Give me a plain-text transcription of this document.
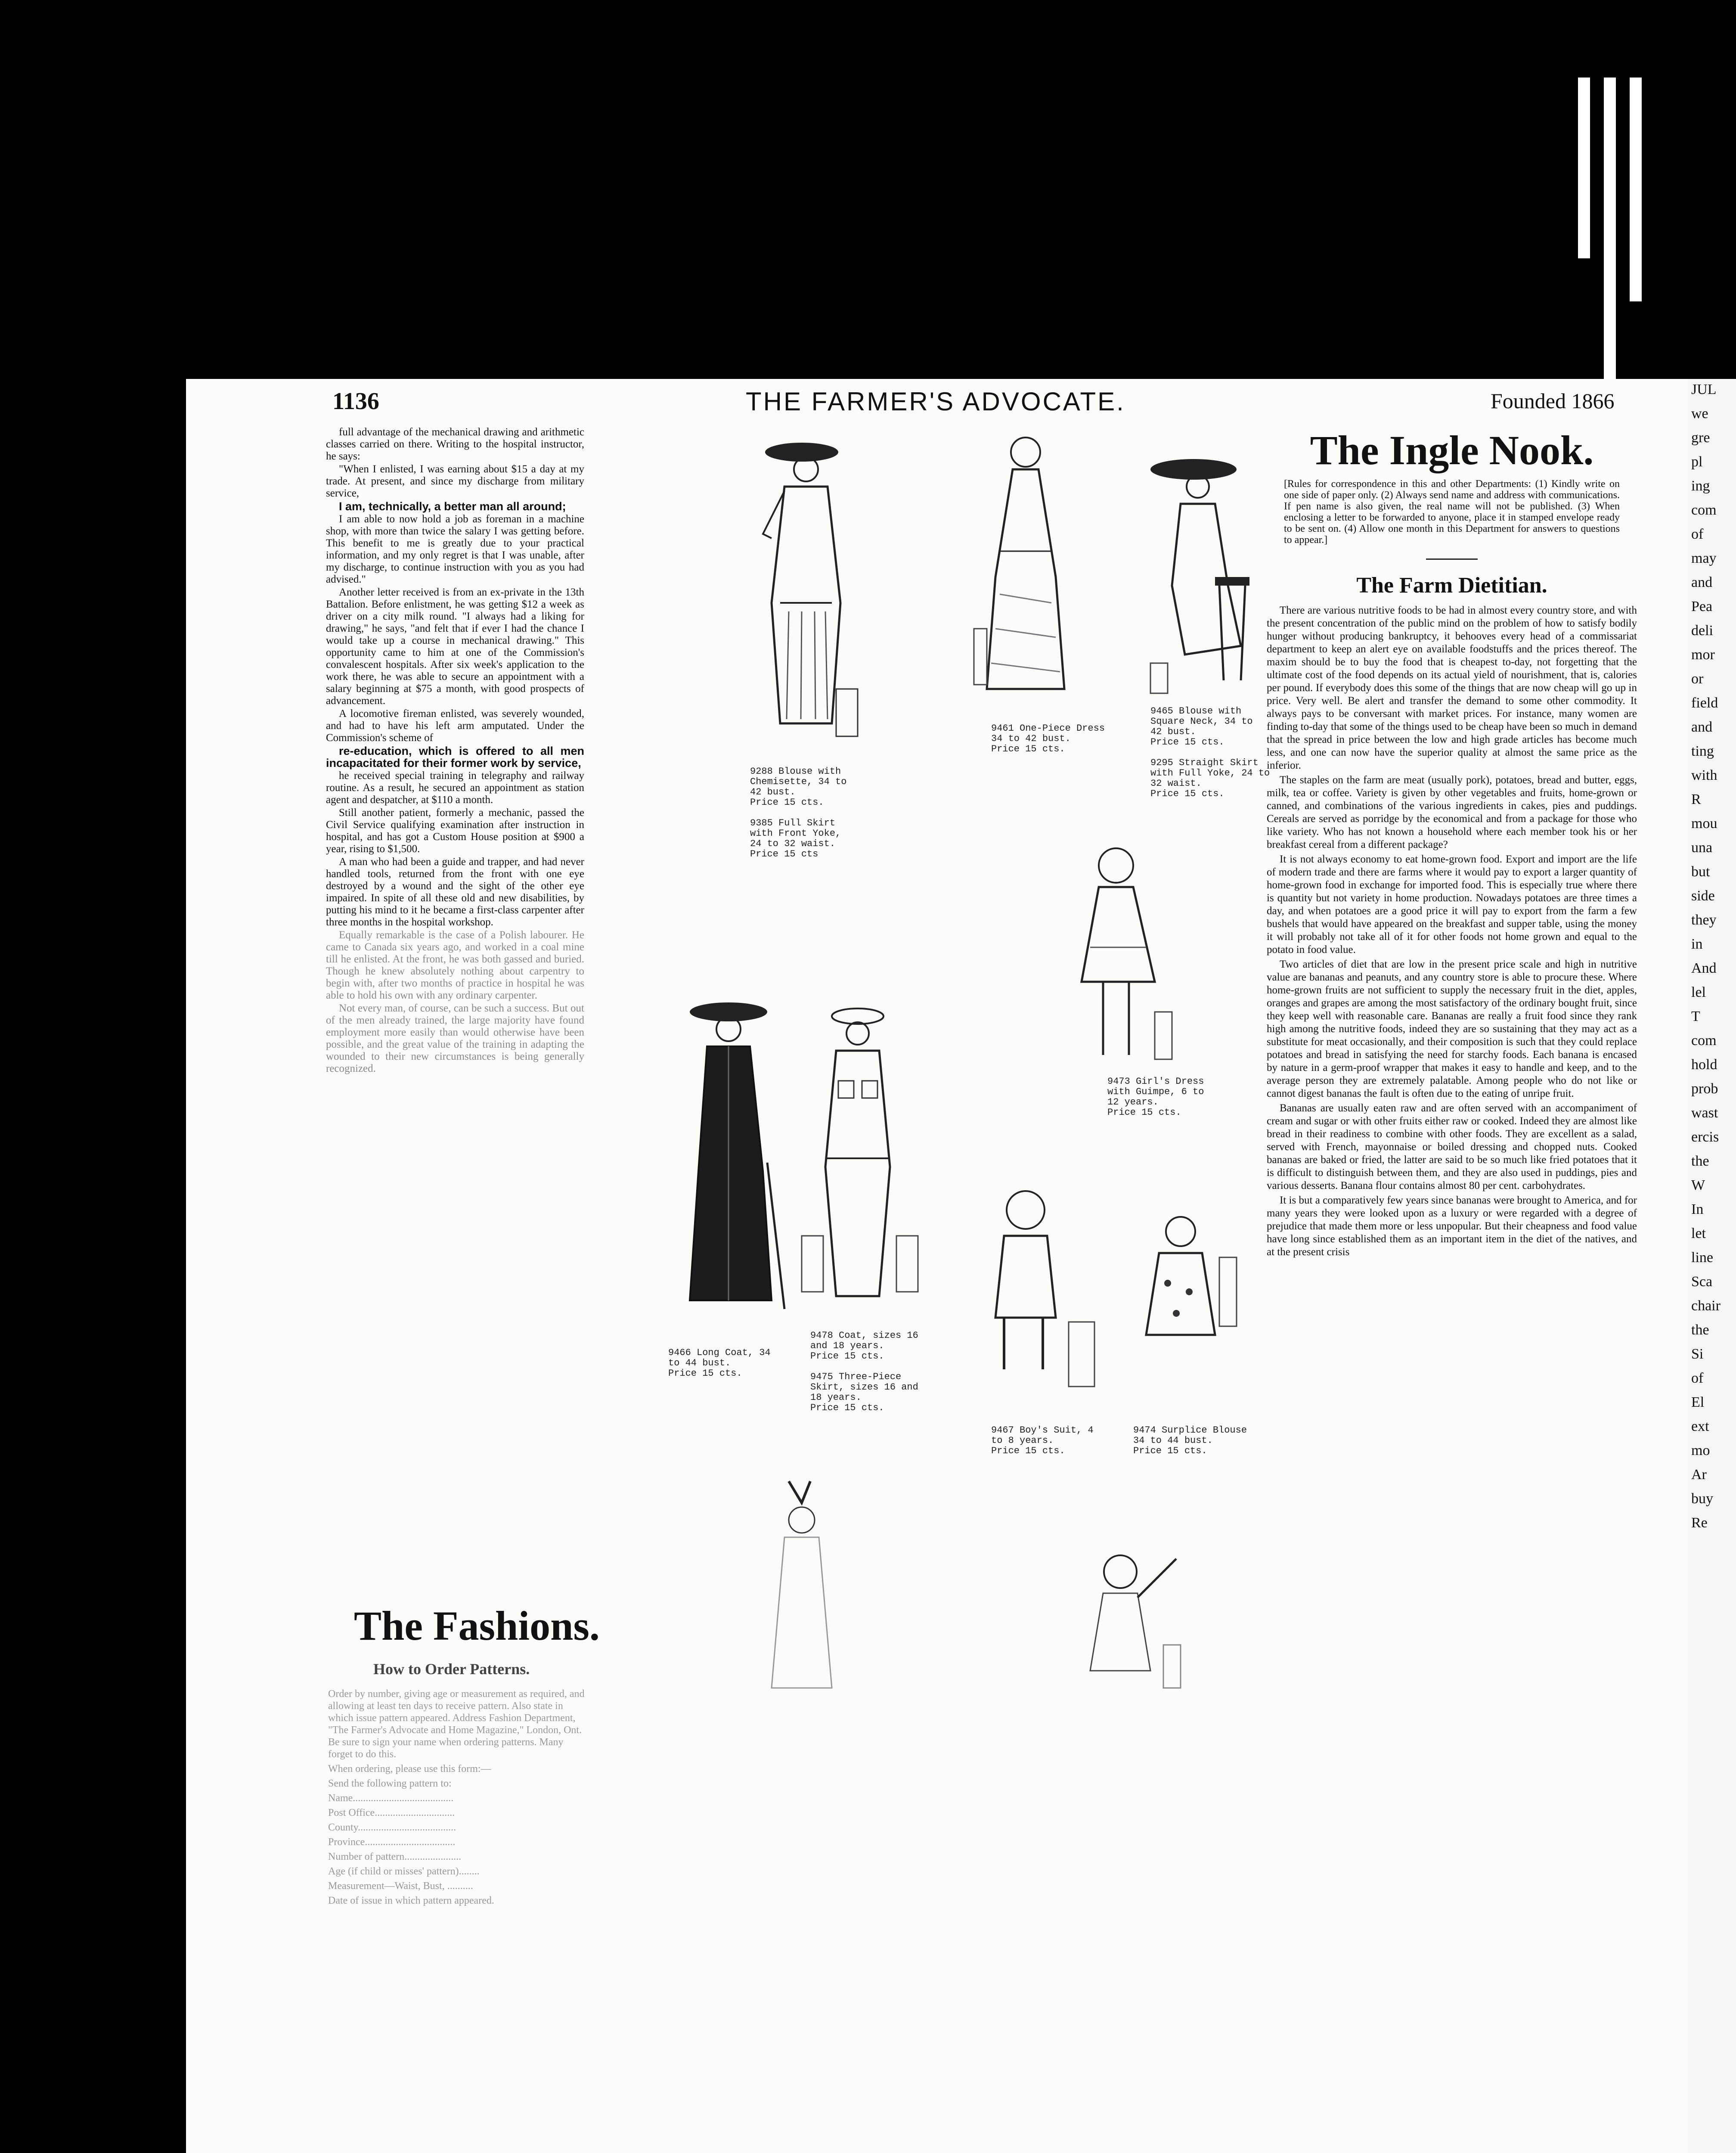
1136	THE FARMER'S ADVOCATE.	Founded 1866

full advantage of the mechanical drawing and arithmetic classes carried on there. Writing to the hospital instructor, he says:

"When I enlisted, I was earning about $15 a day at my trade. At present, and since my discharge from military service,

I am, technically, a better man all around;

I am able to now hold a job as foreman in a machine shop, with more than twice the salary I was getting before. This benefit to me is greatly due to your practical information, and my only regret is that I was unable, after my discharge, to continue instruction with you as you had advised."

Another letter received is from an ex-private in the 13th Battalion. Before enlistment, he was getting $12 a week as driver on a city milk round. "I always had a liking for drawing," he says, "and felt that if ever I had the chance I would take up a course in mechanical drawing." This opportunity came to him at one of the Commission's convalescent hospitals. After six week's application to the work there, he was able to secure an appointment with a salary beginning at $75 a month, with good prospects of advancement.

A locomotive fireman enlisted, was severely wounded, and had to have his left arm amputated. Under the Commission's scheme of

re-education, which is offered to all men incapacitated for their former work by service,

he received special training in telegraphy and railway routine. As a result, he secured an appointment as station agent and despatcher, at $110 a month.

Still another patient, formerly a mechanic, passed the Civil Service qualifying examination after instruction in hospital, and has got a Custom House position at $900 a year, rising to $1,500.

A man who had been a guide and trapper, and had never handled tools, returned from the front with one eye destroyed by a wound and the sight of the other eye impaired. In spite of all these old and new disabilities, by putting his mind to it he became a first-class carpenter after three months in the hospital workshop.

Equally remarkable is the case of a Polish labourer. He came to Canada six years ago, and worked in a coal mine till he enlisted. At the front, he was both gassed and buried. Though he knew absolutely nothing about carpentry to begin with, after two months of practice in hospital he was able to hold his own with any ordinary carpenter.

Not every man, of course, can be such a success. But out of the men already trained, the large majority have found employment more easily than would otherwise have been possible, and the great value of the training in adapting the wounded to their new circumstances is being generally recognized.

The Fashions.
How to Order Patterns.

Order by number, giving age or measurement as required, and allowing at least ten days to receive pattern. Also state in which issue pattern appeared. Address Fashion Department, "The Farmer's Advocate and Home Magazine," London, Ont. Be sure to sign your name when ordering patterns. Many forget to do this.

When ordering, please use this form:—

Send the following pattern to:

Name.......................................

Post Office...............................

County......................................

Province...................................

Number of pattern......................

Age (if child or misses' pattern)........

Measurement—Waist, Bust, ..........

Date of issue in which pattern appeared.

9288 Blouse with
Chemisette, 34 to
42 bust.
Price 15 cts.

9385 Full Skirt
with Front Yoke,
24 to 32 waist.
Price 15 cts
9461 One-Piece Dress
34 to 42 bust.
Price 15 cts.
9465 Blouse with
Square Neck, 34 to
42 bust.
Price 15 cts.

9295 Straight Skirt
with Full Yoke, 24 to
32 waist.
Price 15 cts.
9473 Girl's Dress
with Guimpe, 6 to
12 years.
Price 15 cts.
9466 Long Coat, 34
to 44 bust.
Price 15 cts.
9478 Coat, sizes 16
and 18 years.
Price 15 cts.

9475 Three-Piece
Skirt, sizes 16 and
18 years.
Price 15 cts.
9467 Boy's Suit, 4
to 8 years.
Price 15 cts.
9474 Surplice Blouse
34 to 44 bust.
Price 15 cts.
The Ingle Nook.
[Rules for correspondence in this and other Departments: (1) Kindly write on one side of paper only. (2) Always send name and address with communications. If pen name is also given, the real name will not be published. (3) When enclosing a letter to be forwarded to anyone, place it in stamped envelope ready to be sent on. (4) Allow one month in this Department for answers to questions to appear.]
The Farm Dietitian.

There are various nutritive foods to be had in almost every country store, and with the present concentration of the public mind on the problem of how to satisfy bodily hunger without producing bankruptcy, it behooves every head of a commissariat department to keep an alert eye on available foodstuffs and the prices thereof. The maxim should be to buy the food that is cheapest to-day, not forgetting that the ultimate cost of the food depends on its actual yield of nourishment, that is, calories per pound. If everybody does this some of the things that are now cheap will go up in price. Very well. Be alert and transfer the demand to some other commodity. It always pays to be conversant with market prices. For instance, many women are finding to-day that some of the things used to be cheap have been so much in demand that the spread in price between the low and high grade articles has become much less, and one can now have the superior quality at almost the same price as the inferior.

The staples on the farm are meat (usually pork), potatoes, bread and butter, eggs, milk, tea or coffee. Variety is given by other vegetables and fruits, home-grown or canned, and combinations of the various ingredients in cakes, pies and puddings. Cereals are served as porridge by the economical and from a package for those who like variety. Who has not known a household where each member took his or her breakfast cereal from a different package?

It is not always economy to eat home-grown food. Export and import are the life of modern trade and there are farms where it would pay to export a larger quantity of home-grown food in exchange for imported food. This is especially true where there is quantity but not variety in home production. Nowadays potatoes are three times a day, and when potatoes are a good price it will pay to export from the farm a few bushels that would have appeared on the breakfast and supper table, using the money it will probably not take all of it for other foods not home grown and equal to the potato in food value.

Two articles of diet that are low in the present price scale and high in nutritive value are bananas and peanuts, and any country store is able to procure these. Where home-grown fruits are not sufficient to supply the necessary fruit in the diet, apples, oranges and grapes are among the most satisfactory of the ordinary bought fruit, since they keep well with reasonable care. Bananas are really a fruit food since they rank high among the nutritive foods, indeed they are so sustaining that they may act as a substitute for meat occasionally, and their composition is such that they could replace potatoes and bread in satisfying the need for starchy foods. Each banana is encased by nature in a germ-proof wrapper that makes it easy to handle and keep, and to the average person they are extremely palatable. Among people who do not like or cannot digest bananas the fault is often due to the eating of unripe fruit.

Bananas are usually eaten raw and are often served with an accompaniment of cream and sugar or with other fruits either raw or cooked. Indeed they are almost like bread in their readiness to combine with other foods. They are excellent as a salad, served with French, mayonnaise or boiled dressing and chopped nuts. Cooked bananas are baked or fried, the latter are said to be so much like fried potatoes that it is difficult to distinguish between them, and they are also used in puddings, pies and various desserts. Banana flour contains almost 80 per cent. carbohydrates.

It is but a comparatively few years since bananas were brought to America, and for many years they were looked upon as a luxury or were regarded with a degree of prejudice that made them more or less unpopular. But their cheapness and food value have long since established them as an important item in the diet of the natives, and at the present crisis

JUL
we
gre
pl
ing
com
of
may
and
Pea
deli
mor
or
field
and
ting
with
R
mou
una
but
side
they
in
And
lel
T
com
hold
prob
wast
ercis
the
W
In
let
line
Sca
chair
the
Si
of
El
ext
mo
Ar
buy
Re
